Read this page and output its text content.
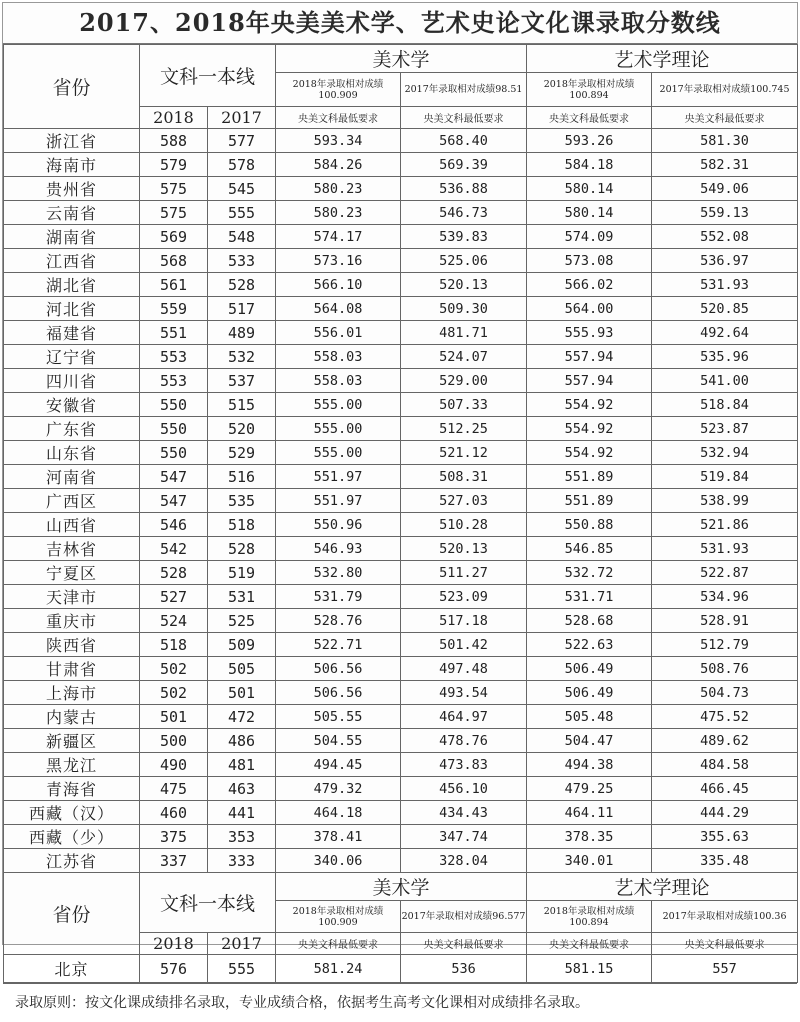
2017、2018年央美美术学、艺术史论文化课录取分数线
省份	文科一本线		美术学		艺术学理论	
			2018年录取相对成绩100.909	2017年录取相对成绩98.51	2018年录取相对成绩100.894	2017年录取相对成绩100.745
	2018	2017	央美文科最低要求	央美文科最低要求	央美文科最低要求	央美文科最低要求
浙江省	588	577	593.34	568.40	593.26	581.30
海南市	579	578	584.26	569.39	584.18	582.31
贵州省	575	545	580.23	536.88	580.14	549.06
云南省	575	555	580.23	546.73	580.14	559.13
湖南省	569	548	574.17	539.83	574.09	552.08
江西省	568	533	573.16	525.06	573.08	536.97
湖北省	561	528	566.10	520.13	566.02	531.93
河北省	559	517	564.08	509.30	564.00	520.85
福建省	551	489	556.01	481.71	555.93	492.64
辽宁省	553	532	558.03	524.07	557.94	535.96
四川省	553	537	558.03	529.00	557.94	541.00
安徽省	550	515	555.00	507.33	554.92	518.84
广东省	550	520	555.00	512.25	554.92	523.87
山东省	550	529	555.00	521.12	554.92	532.94
河南省	547	516	551.97	508.31	551.89	519.84
广西区	547	535	551.97	527.03	551.89	538.99
山西省	546	518	550.96	510.28	550.88	521.86
吉林省	542	528	546.93	520.13	546.85	531.93
宁夏区	528	519	532.80	511.27	532.72	522.87
天津市	527	531	531.79	523.09	531.71	534.96
重庆市	524	525	528.76	517.18	528.68	528.91
陕西省	518	509	522.71	501.42	522.63	512.79
甘肃省	502	505	506.56	497.48	506.49	508.76
上海市	502	501	506.56	493.54	506.49	504.73
内蒙古	501	472	505.55	464.97	505.48	475.52
新疆区	500	486	504.55	478.76	504.47	489.62
黑龙江	490	481	494.45	473.83	494.38	484.58
青海省	475	463	479.32	456.10	479.25	466.45
西藏（汉）	460	441	464.18	434.43	464.11	444.29
西藏（少）	375	353	378.41	347.74	378.35	355.63
江苏省	337	333	340.06	328.04	340.01	335.48
省份	文科一本线		美术学		艺术学理论	
			2018年录取相对成绩100.909	2017年录取相对成绩96.577	2018年录取相对成绩100.894	2017年录取相对成绩100.36
	2018	2017	央美文科最低要求	央美文科最低要求	央美文科最低要求	央美文科最低要求
北京	576	555	581.24	536	581.15	557
录取原则：按文化课成绩排名录取，专业成绩合格，依据考生高考文化课相对成绩排名录取。
